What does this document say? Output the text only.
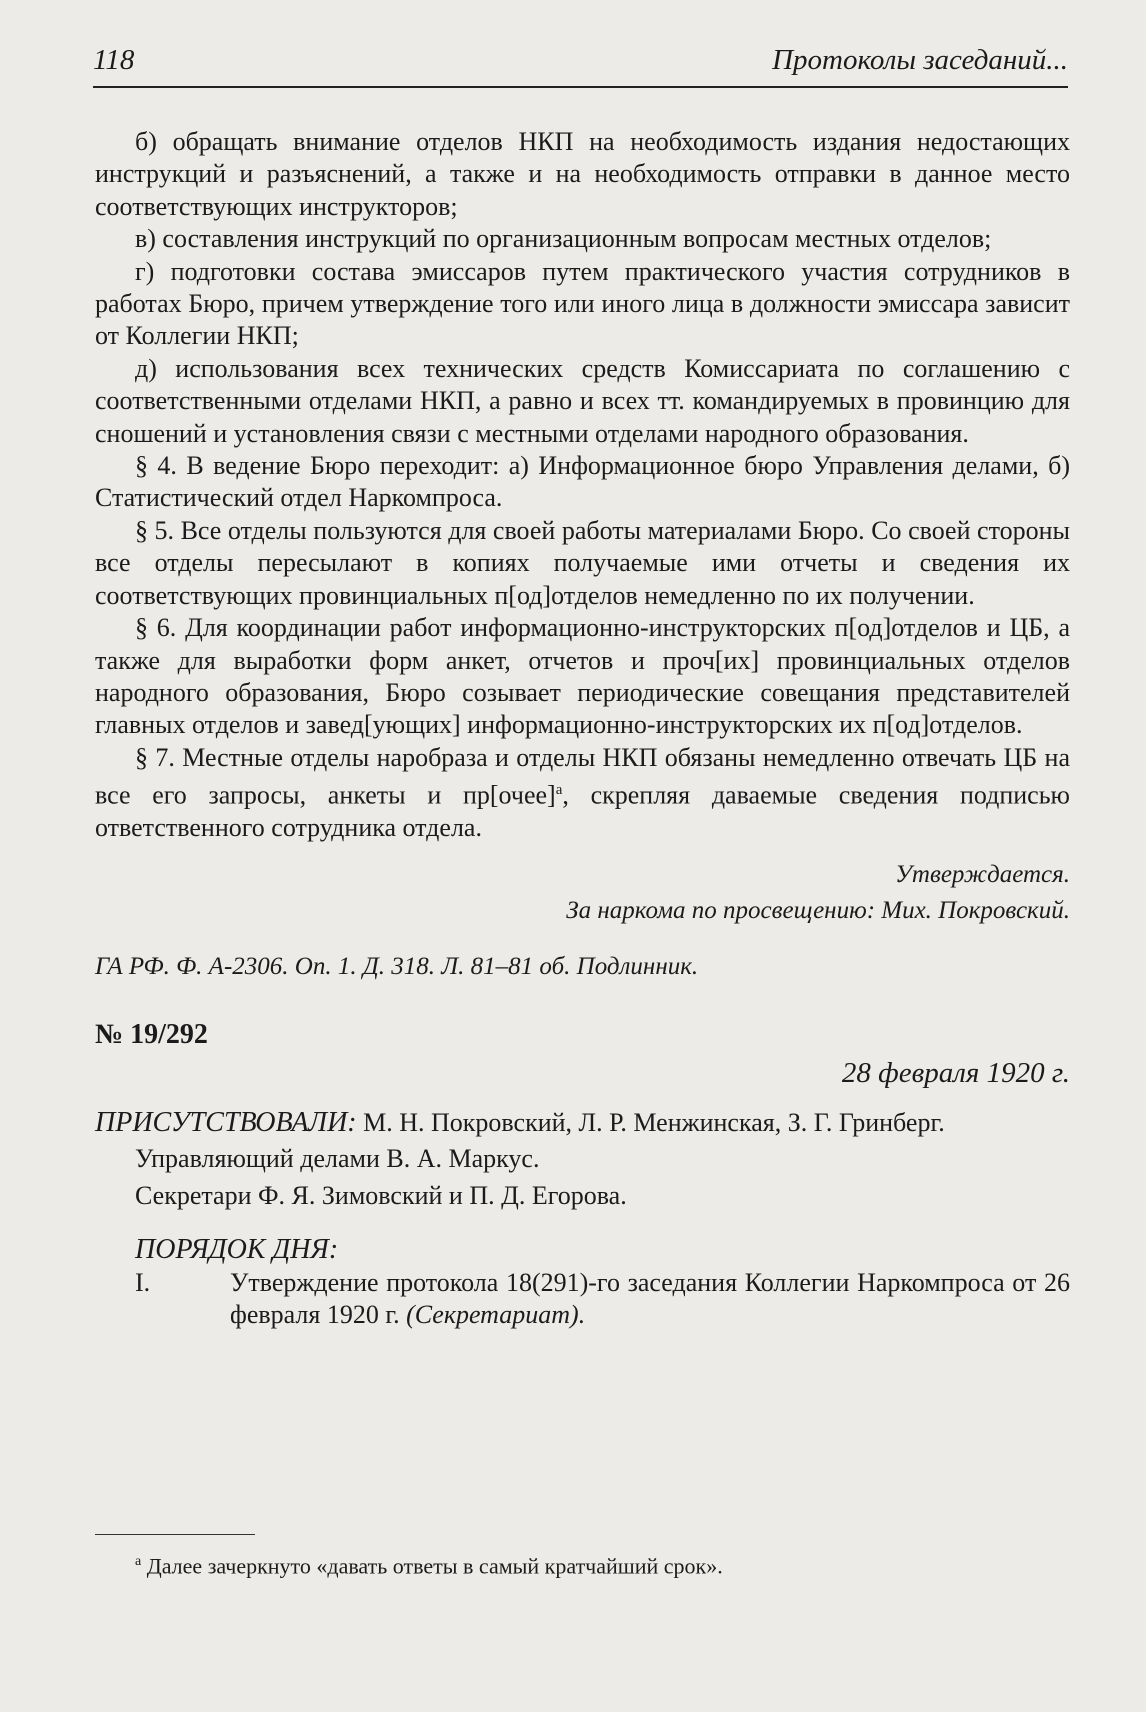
118	Протоколы заседаний...

б) обращать внимание отделов НКП на необходимость издания недостающих инструкций и разъяснений, а также и на необходимость отправки в данное место соответствующих инструкторов;

в) составления инструкций по организационным вопросам местных отделов;

г) подготовки состава эмиссаров путем практического участия сотрудников в работах Бюро, причем утверждение того или иного лица в должности эмиссара зависит от Коллегии НКП;

д) использования всех технических средств Комиссариата по соглашению с соответственными отделами НКП, а равно и всех тт. командируемых в провинцию для сношений и установления связи с местными отделами народного образования.

§ 4. В ведение Бюро переходит: а) Информационное бюро Управления делами, б) Статистический отдел Наркомпроса.

§ 5. Все отделы пользуются для своей работы материалами Бюро. Со своей стороны все отделы пересылают в копиях получаемые ими отчеты и сведения их соответствующих провинциальных п[од]отделов немедленно по их получении.

§ 6. Для координации работ информационно-инструкторских п[од]отделов и ЦБ, а также для выработки форм анкет, отчетов и проч[их] провинциальных отделов народного образования, Бюро созывает периодические совещания представителей главных отделов и завед[ующих] информационно-инструкторских их п[од]отделов.

§ 7. Местные отделы наробраза и отделы НКП обязаны немедленно отвечать ЦБ на все его запросы, анкеты и пр[очее]$^а$, скрепляя даваемые сведения подписью ответственного сотрудника отдела.

Утверждается.
За наркома по просвещению: Мих. Покровский.
ГА РФ. Ф. А-2306. Оп. 1. Д. 318. Л. 81–81 об. Подлинник.
№ 19/292
28 февраля 1920 г.

ПРИСУТСТВОВАЛИ: М. Н. Покровский, Л. Р. Менжинская, З. Г. Гринберг.

Управляющий делами В. А. Маркус.

Секретари Ф. Я. Зимовский и П. Д. Егорова.

ПОРЯДОК ДНЯ:
I.	Утверждение протокола 18(291)-го заседания Коллегии Наркомпроса от 26 февраля 1920 г. (Секретариат).
$^а$ Далее зачеркнуто «давать ответы в самый кратчайший срок».
